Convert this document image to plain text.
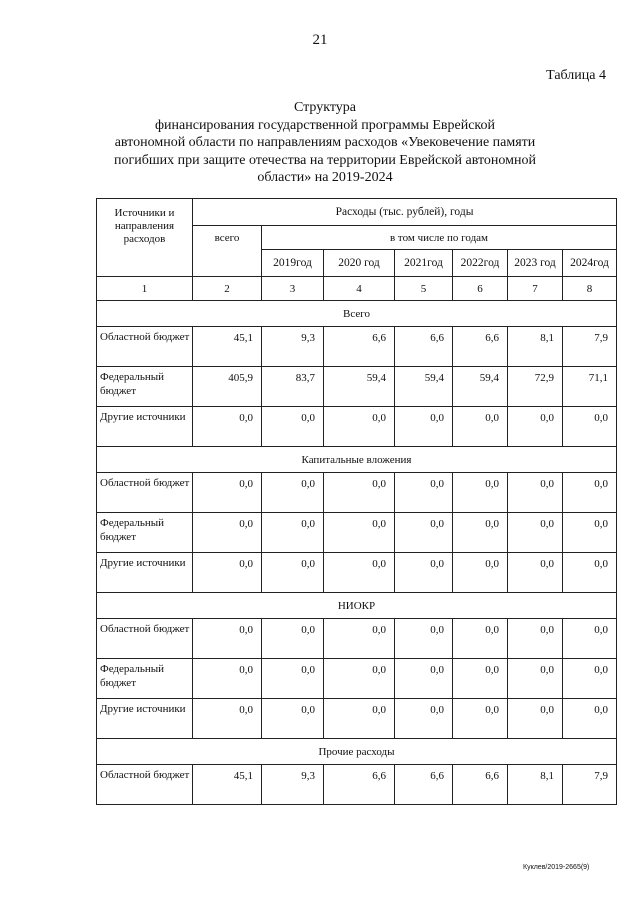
21
Таблица 4
Структура
финансирования государственной программы Еврейской
автономной области по направлениям расходов «Увековечение памяти
погибших при защите отечества на территории Еврейской автономной
области» на 2019-2024
Источники и направления расходов	Расходы (тыс. рублей), годы						
	всего	в том числе по годам					
		2019год	2020 год	2021год	2022год	2023 год	2024год
1	2	3	4	5	6	7	8
Всего							
Областной бюджет	45,1	9,3	6,6	6,6	6,6	8,1	7,9
Федеральный бюджет	405,9	83,7	59,4	59,4	59,4	72,9	71,1
Другие источники	0,0	0,0	0,0	0,0	0,0	0,0	0,0
Капитальные вложения							
Областной бюджет	0,0	0,0	0,0	0,0	0,0	0,0	0,0
Федеральный бюджет	0,0	0,0	0,0	0,0	0,0	0,0	0,0
Другие источники	0,0	0,0	0,0	0,0	0,0	0,0	0,0
НИОКР							
Областной бюджет	0,0	0,0	0,0	0,0	0,0	0,0	0,0
Федеральный бюджет	0,0	0,0	0,0	0,0	0,0	0,0	0,0
Другие источники	0,0	0,0	0,0	0,0	0,0	0,0	0,0
Прочие расходы							
Областной бюджет	45,1	9,3	6,6	6,6	6,6	8,1	7,9
Куклев/2019-2665(9)
